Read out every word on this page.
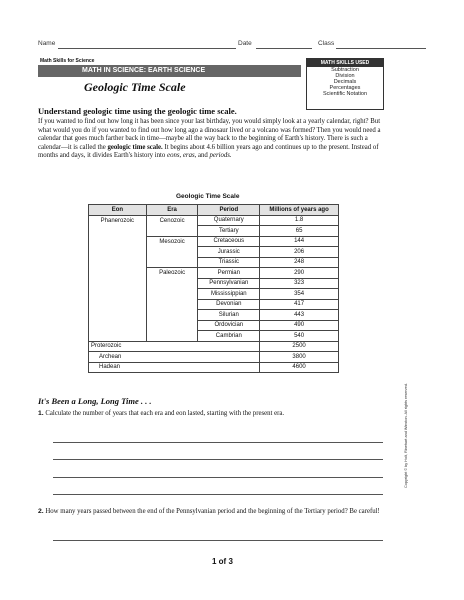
Name	Date	Class
Math Skills for Science
MATH IN SCIENCE: EARTH SCIENCE
MATH SKILLS USED
Subtraction
Division
Decimals
Percentages
Scientific Notation
Geologic Time Scale
Understand geologic time using the geologic time scale.

If you wanted to find out how long it has been since your last birthday, you would simply look at a yearly calendar, right? But what would you do if you wanted to find out how long ago a dinosaur lived or a volcano was formed? Then you would need a calendar that goes much farther back in time—maybe all the way back to the beginning of Earth's history. There is such a calendar—it is called the geologic time scale. It begins about 4.6 billion years ago and continues up to the present. Instead of months and days, it divides Earth's history into eons, eras, and periods.

Geologic Time Scale
Eon	Era	Period	Millions of years ago
Phanerozoic	Cenozoic	Quaternary	1.8
		Tertiary	65
	Mesozoic	Cretaceous	144
		Jurassic	206
		Triassic	248
	Paleozoic	Permian	290
		Pennsylvanian	323
		Mississippian	354
		Devonian	417
		Silurian	443
		Ordovician	490
		Cambrian	540
Proterozoic			2500
Archean			3800
Hadean			4600
It's Been a Long, Long Time . . .

1. Calculate the number of years that each era and eon lasted, starting with the present era.

2. How many years passed between the end of the Pennsylvanian period and the beginning of the Tertiary period? Be careful!

Copyright © by Holt, Rinehart and Winston. All rights reserved.
1 of 3
